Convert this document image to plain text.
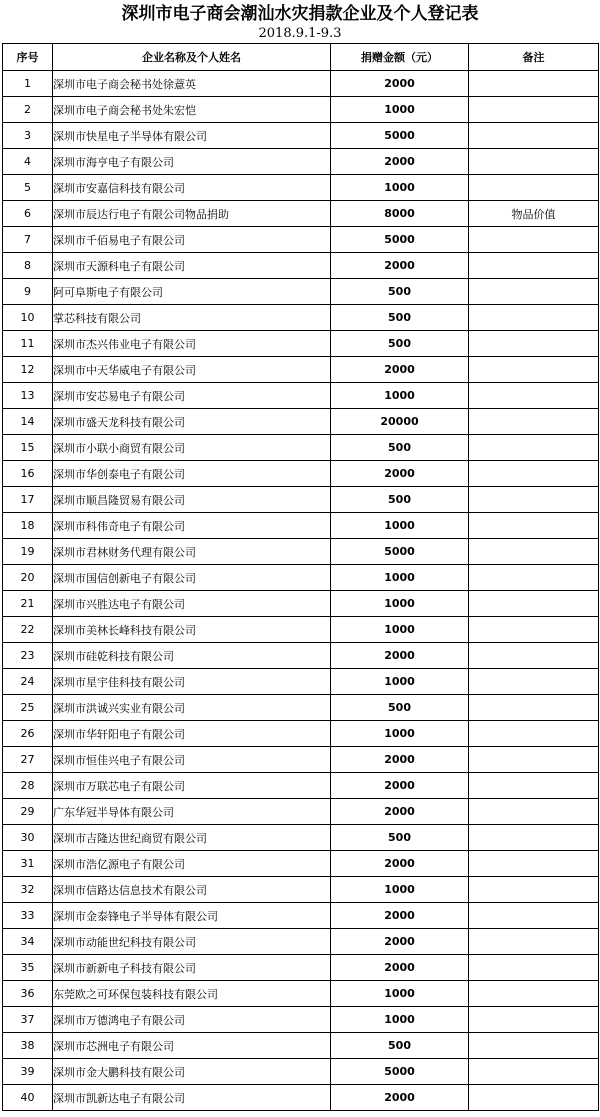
深圳市电子商会潮汕水灾捐款企业及个人登记表
2018.9.1-9.3
序号	企业名称及个人姓名	捐赠金额（元）	备注
1	深圳市电子商会秘书处徐薏英	2000	
2	深圳市电子商会秘书处朱宏恺	1000	
3	深圳市快星电子半导体有限公司	5000	
4	深圳市海亨电子有限公司	2000	
5	深圳市安嘉信科技有限公司	1000	
6	深圳市辰达行电子有限公司物品捐助	8000	物品价值
7	深圳市千佰易电子有限公司	5000	
8	深圳市天源科电子有限公司	2000	
9	阿可阜斯电子有限公司	500	
10	掌芯科技有限公司	500	
11	深圳市杰兴伟业电子有限公司	500	
12	深圳市中天华威电子有限公司	2000	
13	深圳市安芯易电子有限公司	1000	
14	深圳市盛天龙科技有限公司	20000	
15	深圳市小联小商贸有限公司	500	
16	深圳市华创泰电子有限公司	2000	
17	深圳市顺昌隆贸易有限公司	500	
18	深圳市科伟奇电子有限公司	1000	
19	深圳市君林财务代理有限公司	5000	
20	深圳市国信创新电子有限公司	1000	
21	深圳市兴胜达电子有限公司	1000	
22	深圳市美林长峰科技有限公司	1000	
23	深圳市硅乾科技有限公司	2000	
24	深圳市星宇佳科技有限公司	1000	
25	深圳市洪诚兴实业有限公司	500	
26	深圳市华轩阳电子有限公司	1000	
27	深圳市恒佳兴电子有限公司	2000	
28	深圳市万联芯电子有限公司	2000	
29	广东华冠半导体有限公司	2000	
30	深圳市吉隆达世纪商贸有限公司	500	
31	深圳市浩亿源电子有限公司	2000	
32	深圳市信路达信息技术有限公司	1000	
33	深圳市金泰锋电子半导体有限公司	2000	
34	深圳市动能世纪科技有限公司	2000	
35	深圳市新新电子科技有限公司	2000	
36	东莞欧之可环保包装科技有限公司	1000	
37	深圳市万德鸿电子有限公司	1000	
38	深圳市芯洲电子有限公司	500	
39	深圳市金大鹏科技有限公司	5000	
40	深圳市凯新达电子有限公司	2000	
